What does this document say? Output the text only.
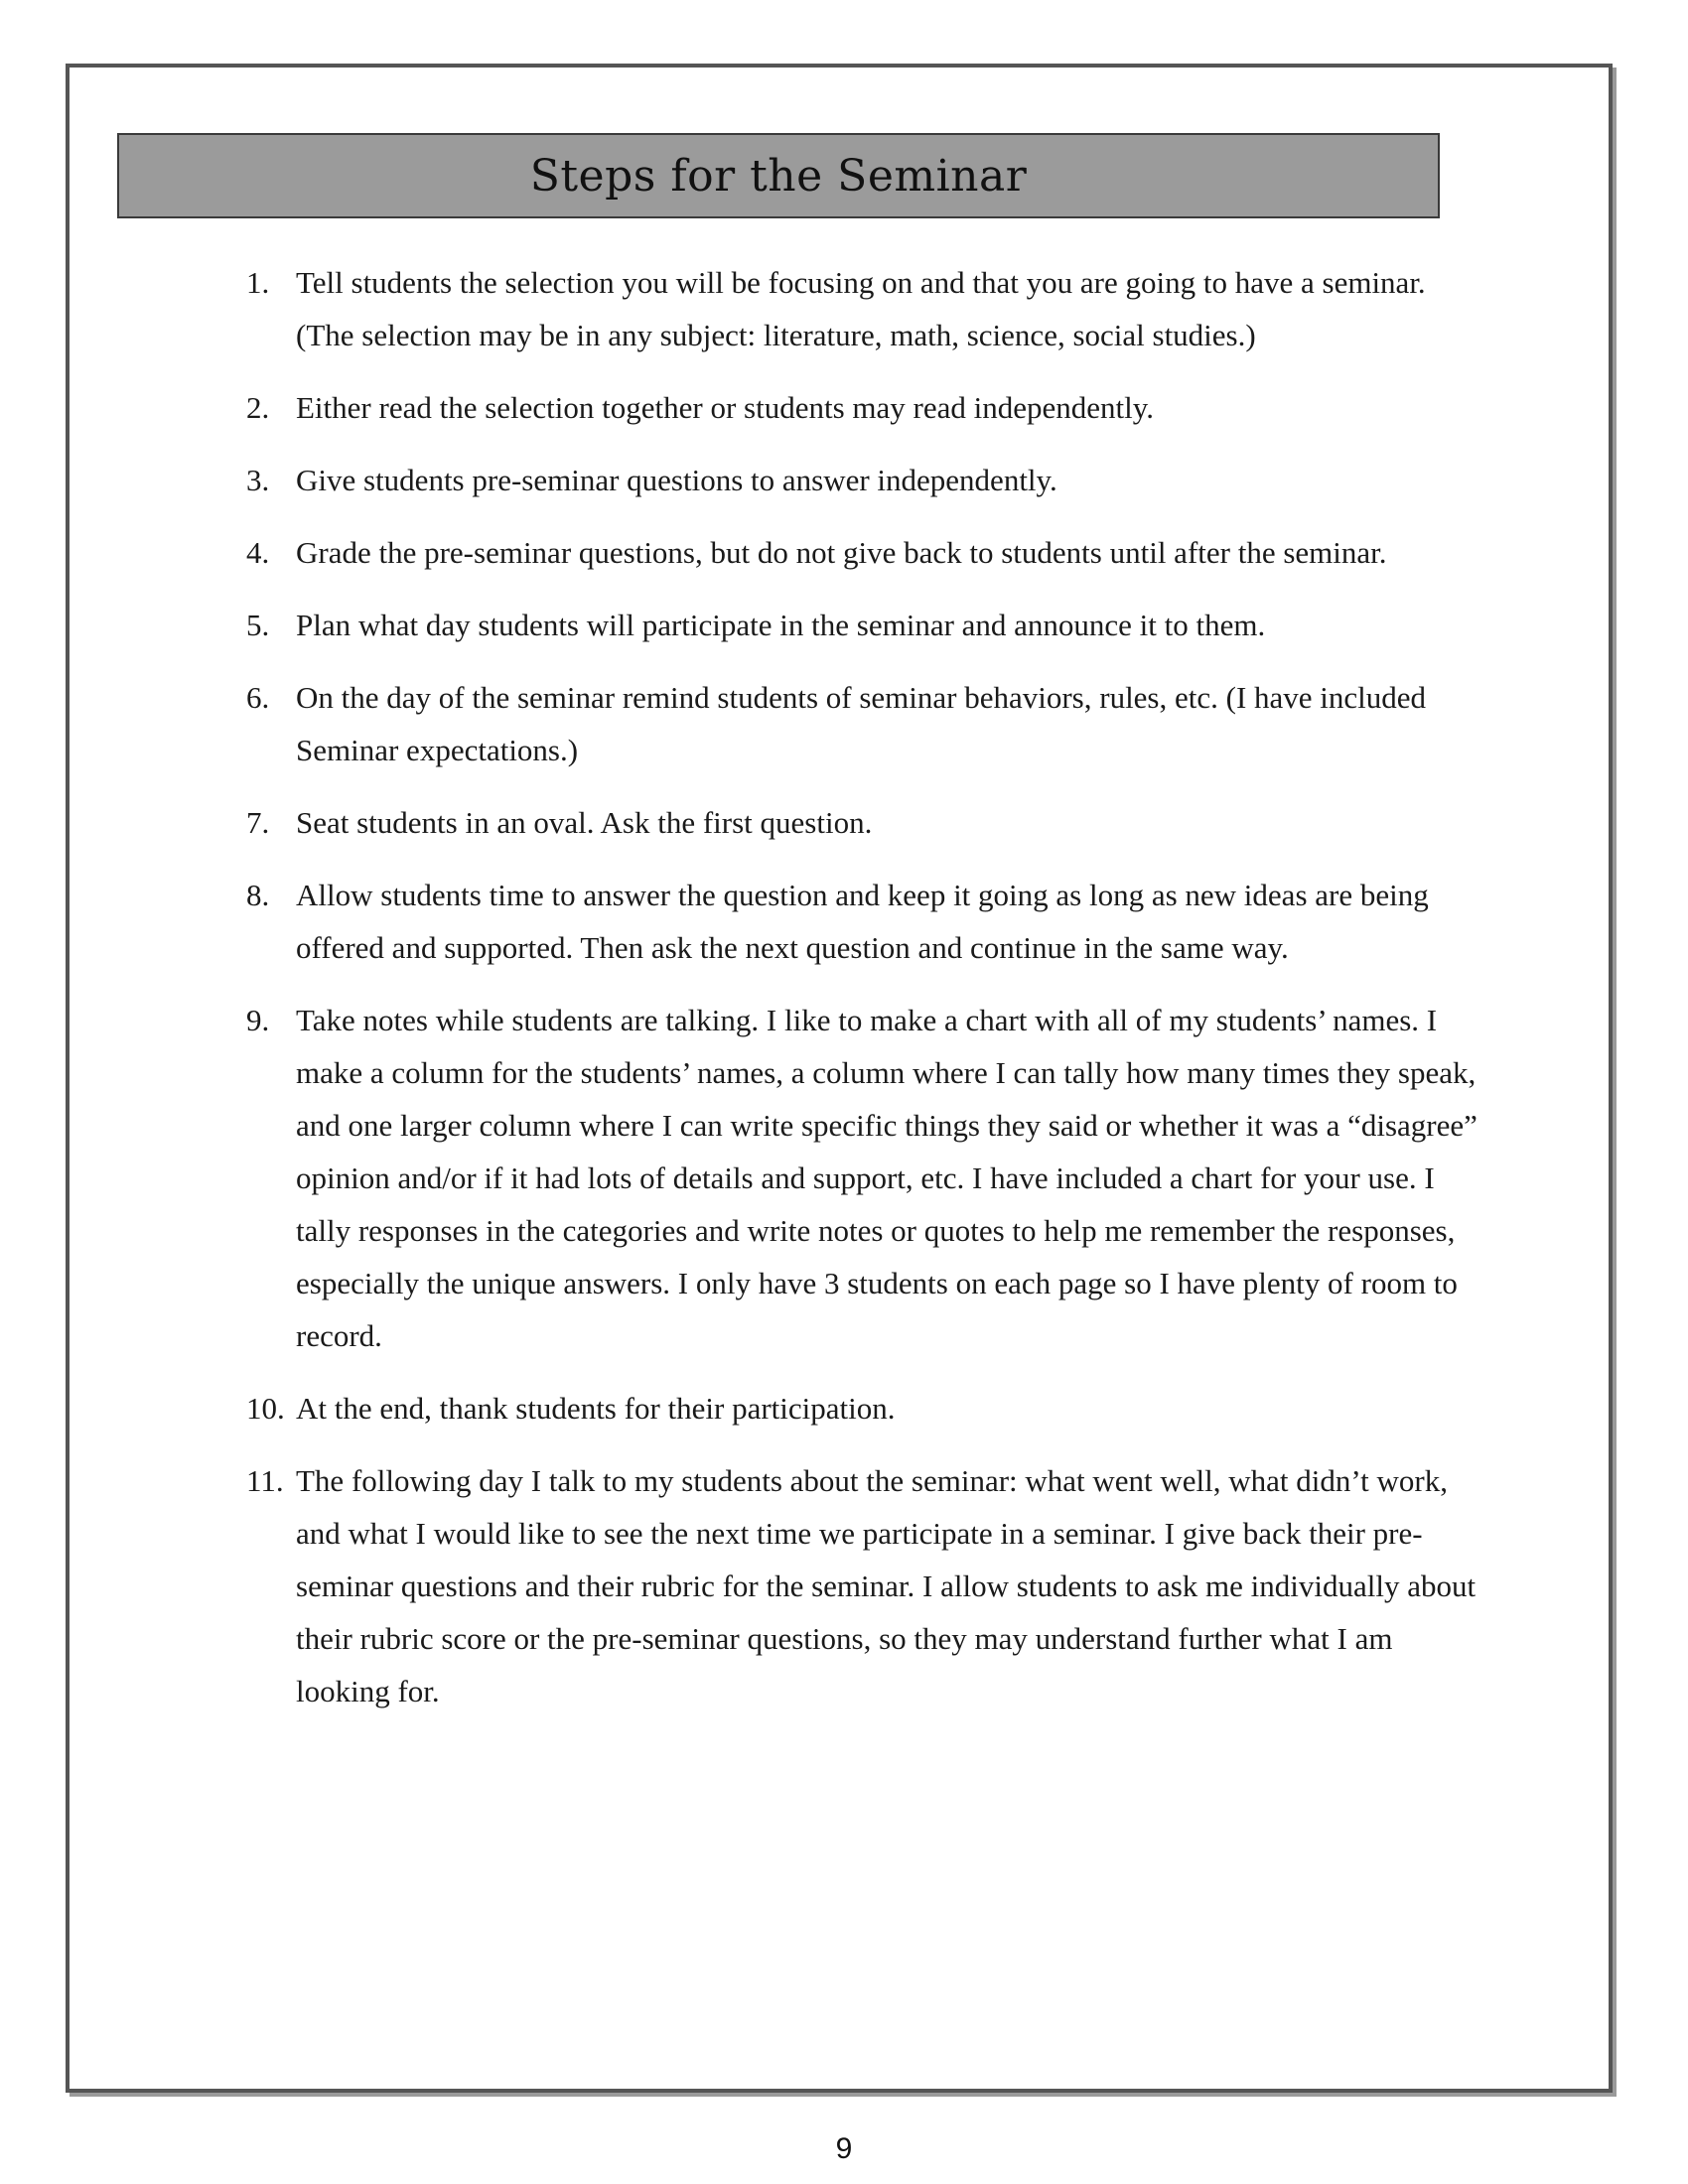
Steps for the Seminar
1. Tell students the selection you will be focusing on and that you are going to have a seminar. (The selection may be in any subject: literature, math, science, social studies.)
2. Either read the selection together or students may read independently.
3. Give students pre-seminar questions to answer independently.
4. Grade the pre-seminar questions, but do not give back to students until after the seminar.
5. Plan what day students will participate in the seminar and announce it to them.
6. On the day of the seminar remind students of seminar behaviors, rules, etc. (I have included Seminar expectations.)
7. Seat students in an oval. Ask the first question.
8. Allow students time to answer the question and keep it going as long as new ideas are being offered and supported. Then ask the next question and continue in the same way.
9. Take notes while students are talking. I like to make a chart with all of my students’ names. I make a column for the students’ names, a column where I can tally how many times they speak, and one larger column where I can write specific things they said or whether it was a “disagree” opinion and/or if it had lots of details and support, etc. I have included a chart for your use. I tally responses in the categories and write notes or quotes to help me remember the responses, especially the unique answers. I only have 3 students on each page so I have plenty of room to record.
10. At the end, thank students for their participation.
11. The following day I talk to my students about the seminar: what went well, what didn’t work, and what I would like to see the next time we participate in a seminar. I give back their pre-seminar questions and their rubric for the seminar. I allow students to ask me individually about their rubric score or the pre-seminar questions, so they may understand further what I am looking for.
9
